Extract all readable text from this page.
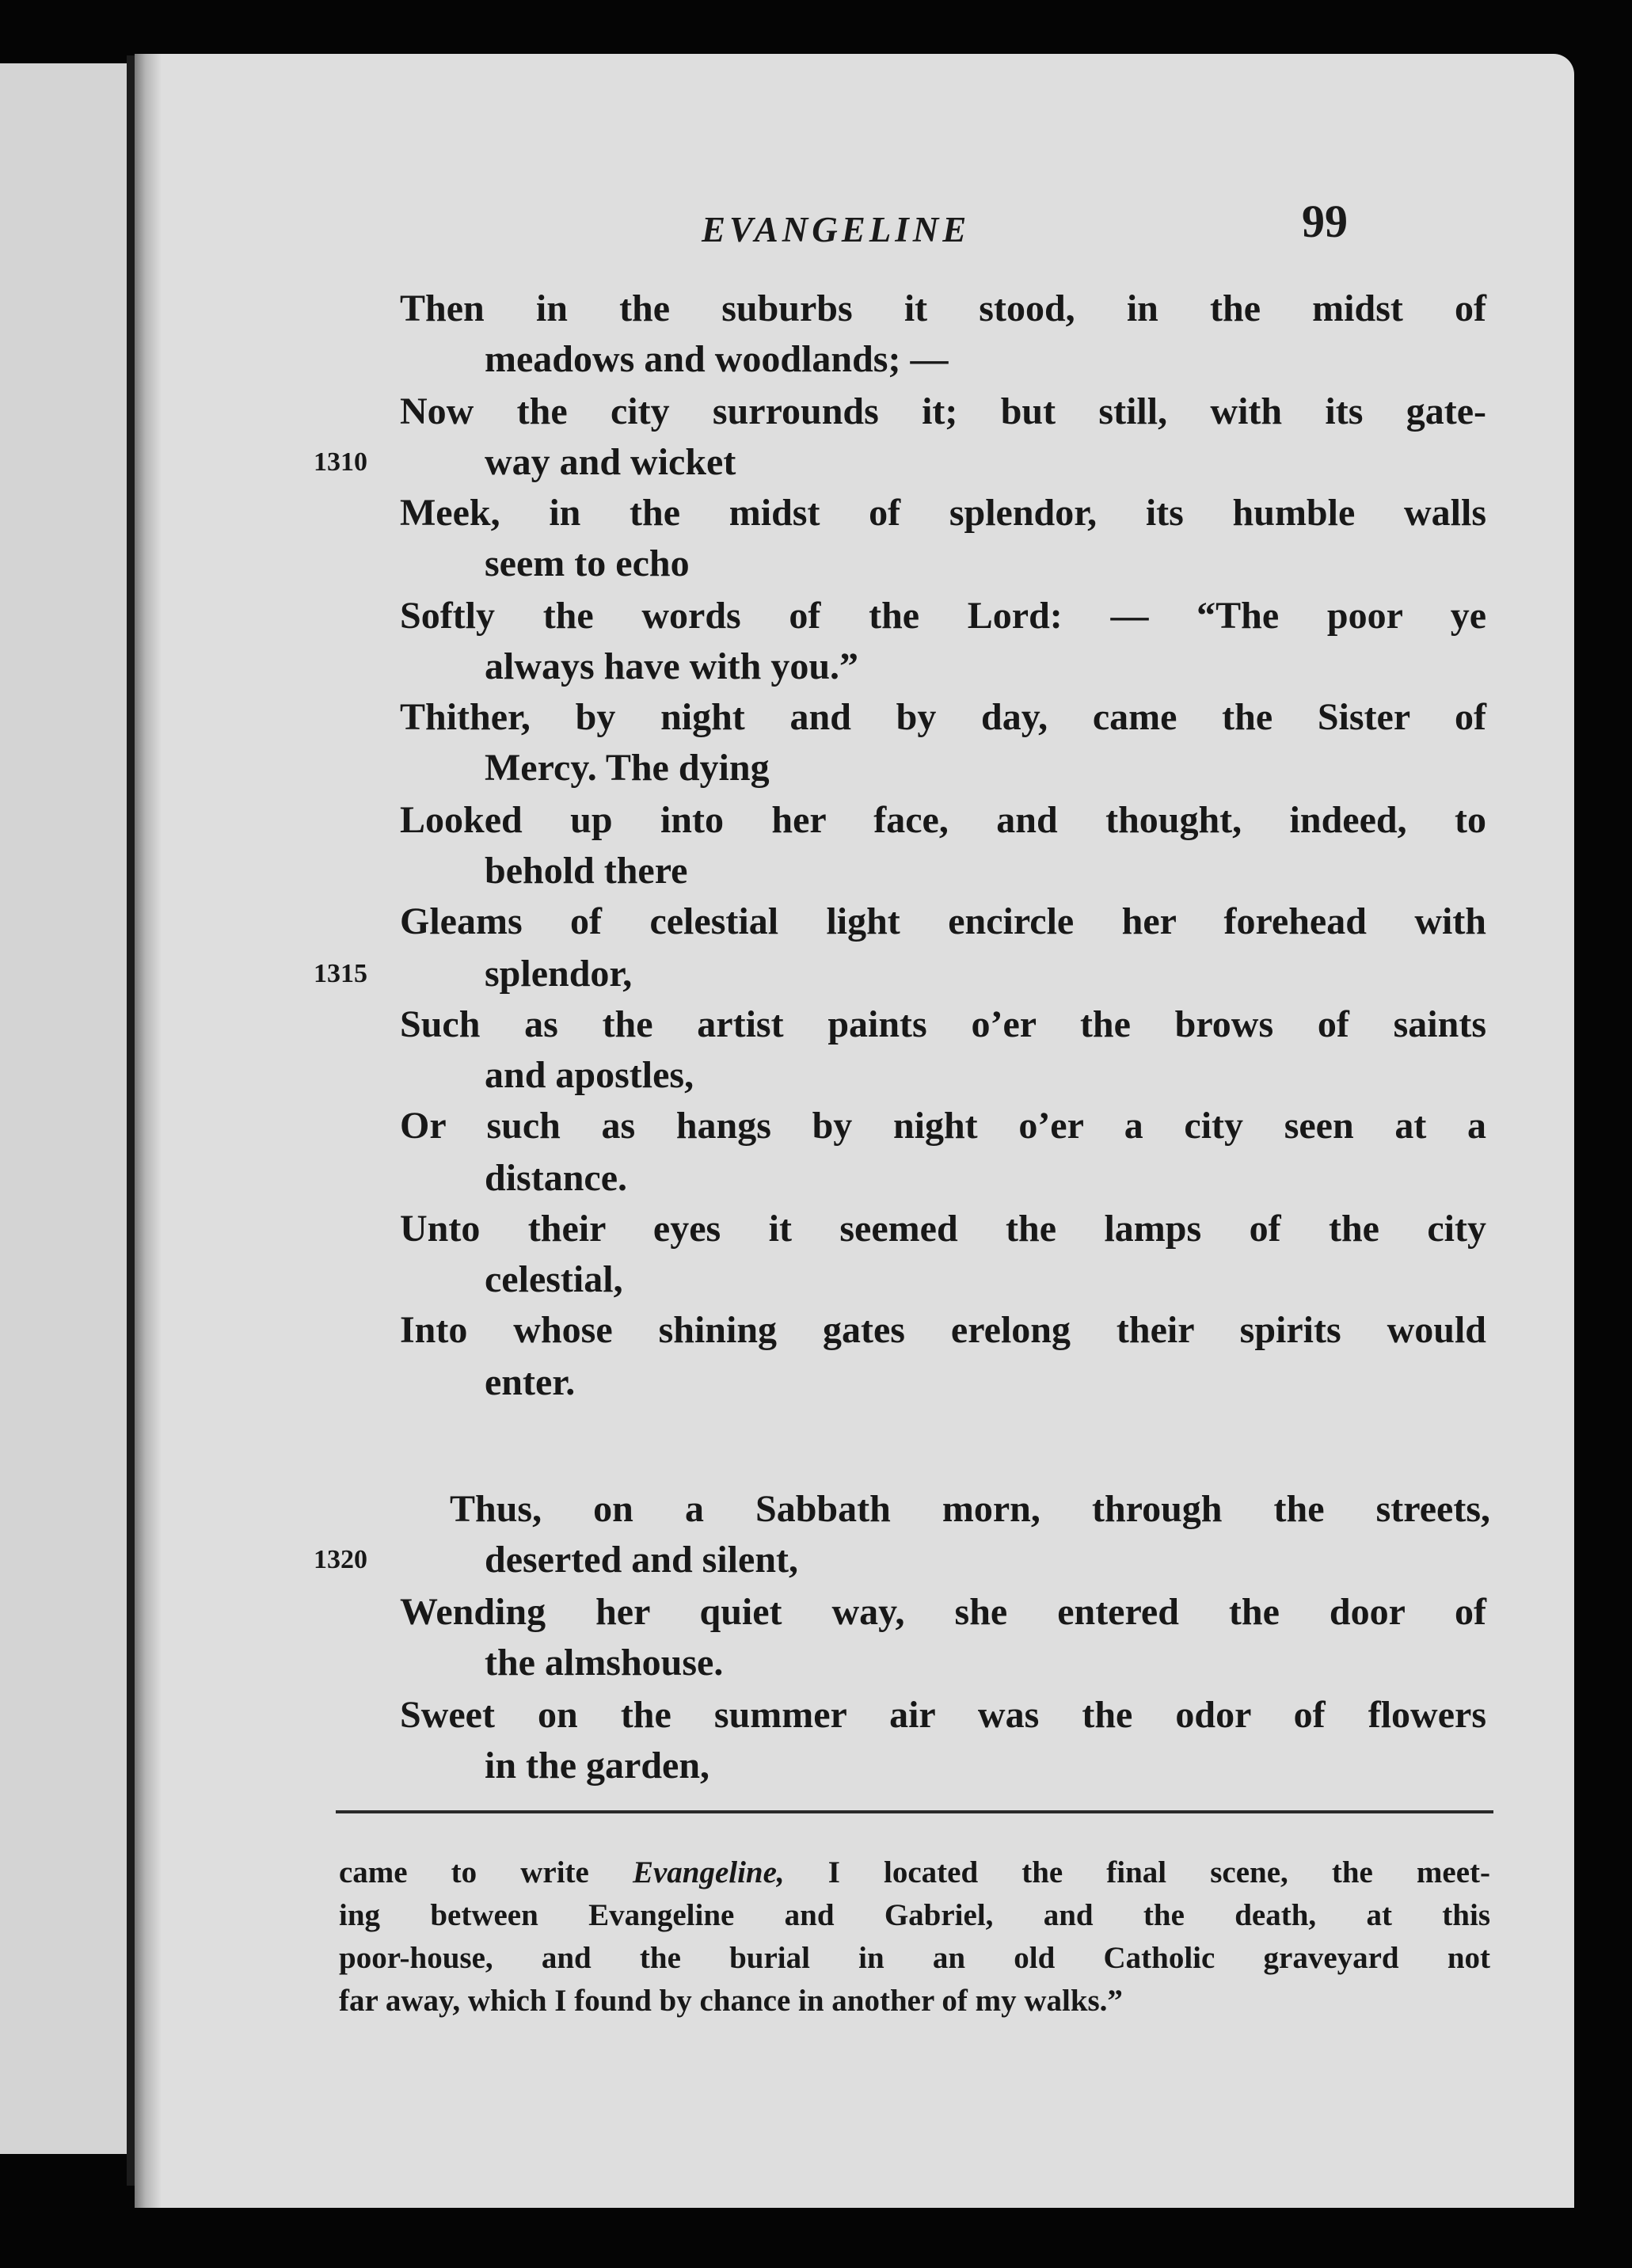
EVANGELINE	99
Then in the suburbs it stood, in the midst of
meadows and woodlands; —
Now the city surrounds it; but still, with its gate-
1310	way and wicket
Meek, in the midst of splendor, its humble walls
seem to echo
Softly the words of the Lord: — “The poor ye
always have with you.”
Thither, by night and by day, came the Sister of
Mercy. The dying
Looked up into her face, and thought, indeed, to
behold there
Gleams of celestial light encircle her forehead with
1315	splendor,
Such as the artist paints o’er the brows of saints
and apostles,
Or such as hangs by night o’er a city seen at a
distance.
Unto their eyes it seemed the lamps of the city
celestial,
Into whose shining gates erelong their spirits would
enter.
Thus, on a Sabbath morn, through the streets,
1320	deserted and silent,
Wending her quiet way, she entered the door of
the almshouse.
Sweet on the summer air was the odor of flowers
in the garden,
came to write Evangeline, I located the final scene, the meet-
ing between Evangeline and Gabriel, and the death, at this
poor-house, and the burial in an old Catholic graveyard not
far away, which I found by chance in another of my walks.”
